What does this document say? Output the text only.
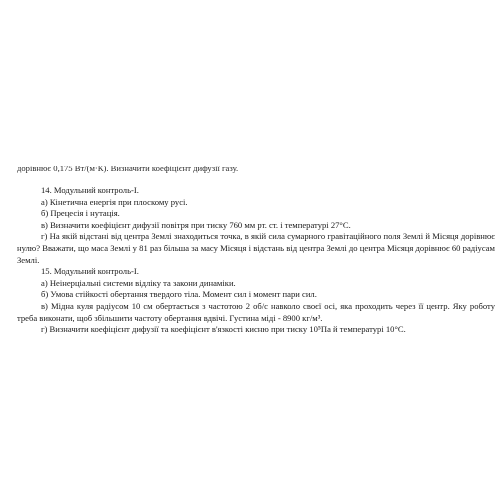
дорівнює 0,175 Вт/(м·К). Визначити коефіцієнт дифузії газу.

14. Модульний контроль-І.

а) Кінетична енергія при плоскому русі.

б) Прецесія і нутація.

в) Визначити коефіцієнт дифузії повітря при тиску 760 мм рт. ст. і температурі 27°С.

г) На якій відстані від центра Землі знаходиться точка, в якій сила сумарного гравітаційного поля Землі й Місяця дорівнює нулю? Вважати, що маса Землі у 81 раз більша за масу Місяця і відстань від центра Землі до центра Місяця дорівнює 60 радіусам Землі.

15. Модульний контроль-І.

а) Неінерціальні системи відліку та закони динаміки.

б) Умова стійкості обертання твердого тіла. Момент сил і момент пари сил.

в) Мідна куля радіусом 10 см обертається з частотою 2 об/с навколо своєї осі, яка проходить через її центр. Яку роботу треба виконати, щоб збільшити частоту обертання вдвічі. Густина міді - 8900 кг/м³.

г) Визначити коефіцієнт дифузії та коефіцієнт в'язкості кисню при тиску 10⁵Па й температурі 10°С.
